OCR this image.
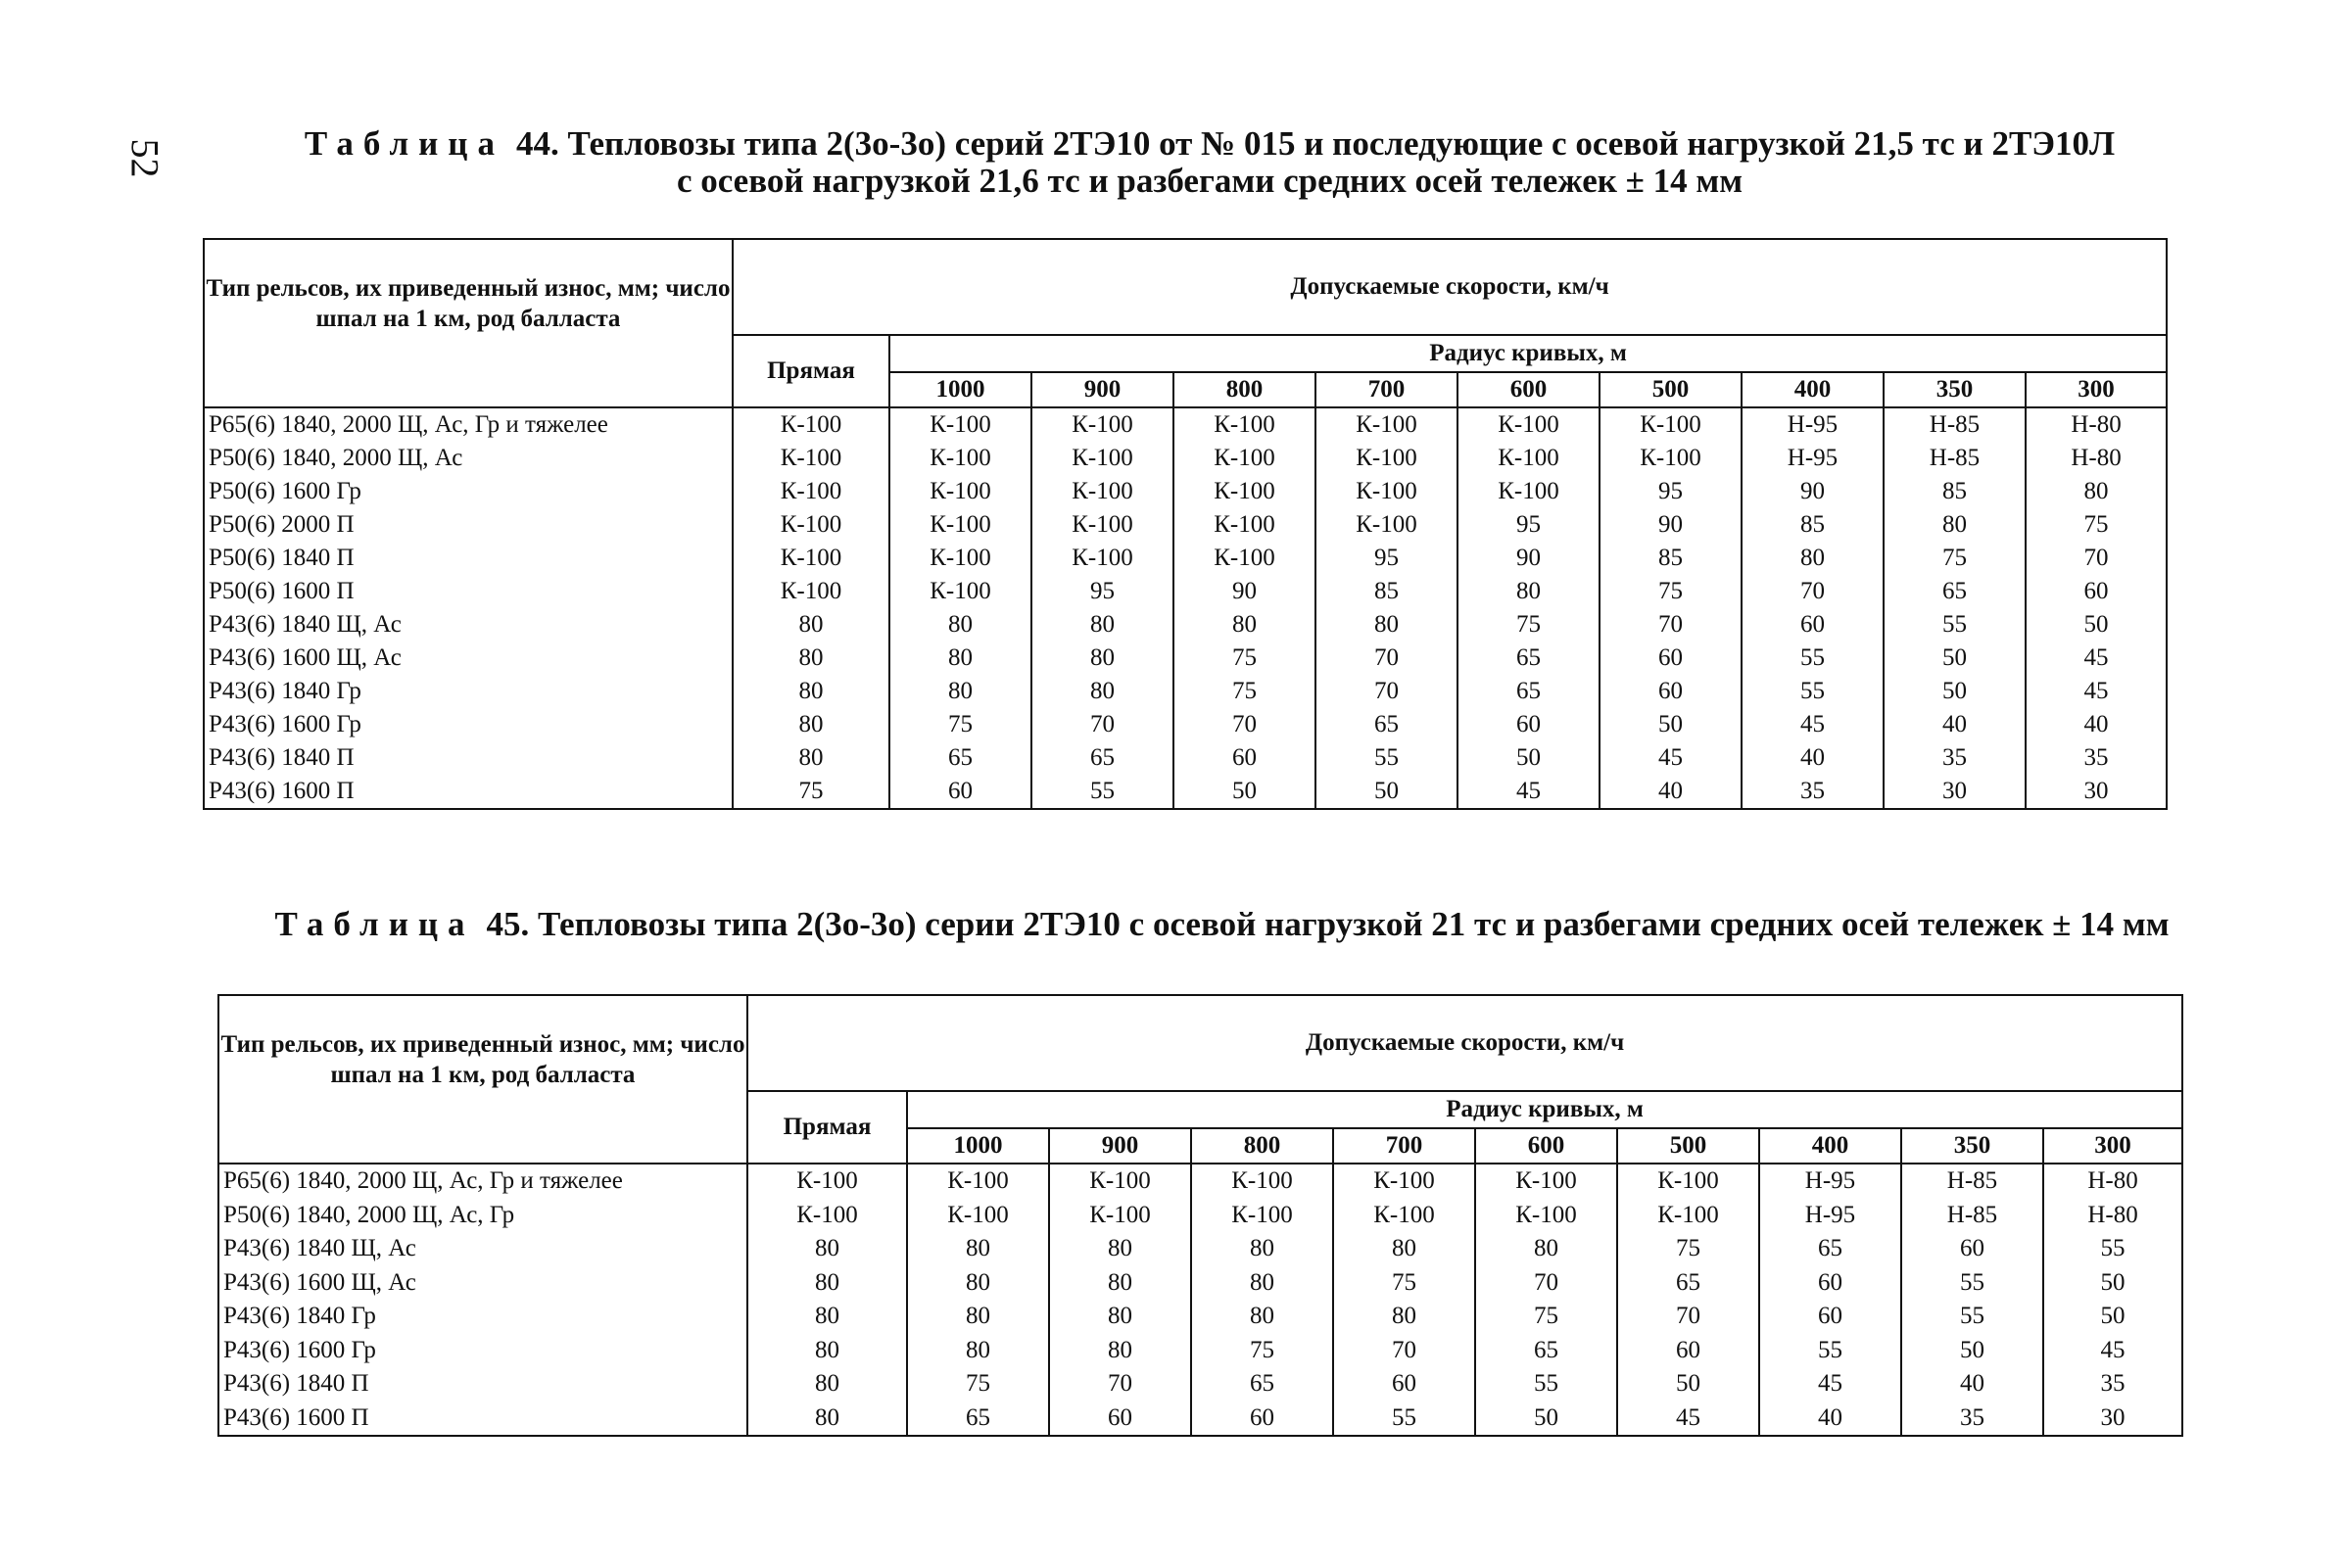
52	Таблица 44. Тепловозы типа 2(3о-3о) серий 2ТЭ10 от № 015 и последующие с осевой нагрузкой 21,5 тс и 2ТЭ10Л
с осевой нагрузкой 21,6 тс и разбегами средних осей тележек ± 14 мм
Тип рельсов, их приведенный износ, мм; число шпал на 1 км, род балласта	Допускаемые скорости, км/ч									
	Прямая	Радиус кривых, м								
		1000	900	800	700	600	500	400	350	300
Р65(6) 1840, 2000 Щ, Ас, Гр и тяжелее	К-100	К-100	К-100	К-100	К-100	К-100	К-100	Н-95	Н-85	Н-80
Р50(6) 1840, 2000 Щ, Ас	К-100	К-100	К-100	К-100	К-100	К-100	К-100	Н-95	Н-85	Н-80
Р50(6) 1600 Гр	К-100	К-100	К-100	К-100	К-100	К-100	95	90	85	80
Р50(6) 2000 П	К-100	К-100	К-100	К-100	К-100	95	90	85	80	75
Р50(6) 1840 П	К-100	К-100	К-100	К-100	95	90	85	80	75	70
Р50(6) 1600 П	К-100	К-100	95	90	85	80	75	70	65	60
Р43(6) 1840 Щ, Ас	80	80	80	80	80	75	70	60	55	50
Р43(6) 1600 Щ, Ас	80	80	80	75	70	65	60	55	50	45
Р43(6) 1840 Гр	80	80	80	75	70	65	60	55	50	45
Р43(6) 1600 Гр	80	75	70	70	65	60	50	45	40	40
Р43(6) 1840 П	80	65	65	60	55	50	45	40	35	35
Р43(6) 1600 П	75	60	55	50	50	45	40	35	30	30
Таблица 45. Тепловозы типа 2(3о-3о) серии 2ТЭ10 с осевой нагрузкой 21 тс и разбегами средних осей тележек ± 14 мм
Тип рельсов, их приведенный износ, мм; число шпал на 1 км, род балласта	Допускаемые скорости, км/ч									
	Прямая	Радиус кривых, м								
		1000	900	800	700	600	500	400	350	300
Р65(6) 1840, 2000 Щ, Ас, Гр и тяжелее	К-100	К-100	К-100	К-100	К-100	К-100	К-100	Н-95	Н-85	Н-80
Р50(6) 1840, 2000 Щ, Ас, Гр	К-100	К-100	К-100	К-100	К-100	К-100	К-100	Н-95	Н-85	Н-80
Р43(6) 1840 Щ, Ас	80	80	80	80	80	80	75	65	60	55
Р43(6) 1600 Щ, Ас	80	80	80	80	75	70	65	60	55	50
Р43(6) 1840 Гр	80	80	80	80	80	75	70	60	55	50
Р43(6) 1600 Гр	80	80	80	75	70	65	60	55	50	45
Р43(6) 1840 П	80	75	70	65	60	55	50	45	40	35
Р43(6) 1600 П	80	65	60	60	55	50	45	40	35	30
